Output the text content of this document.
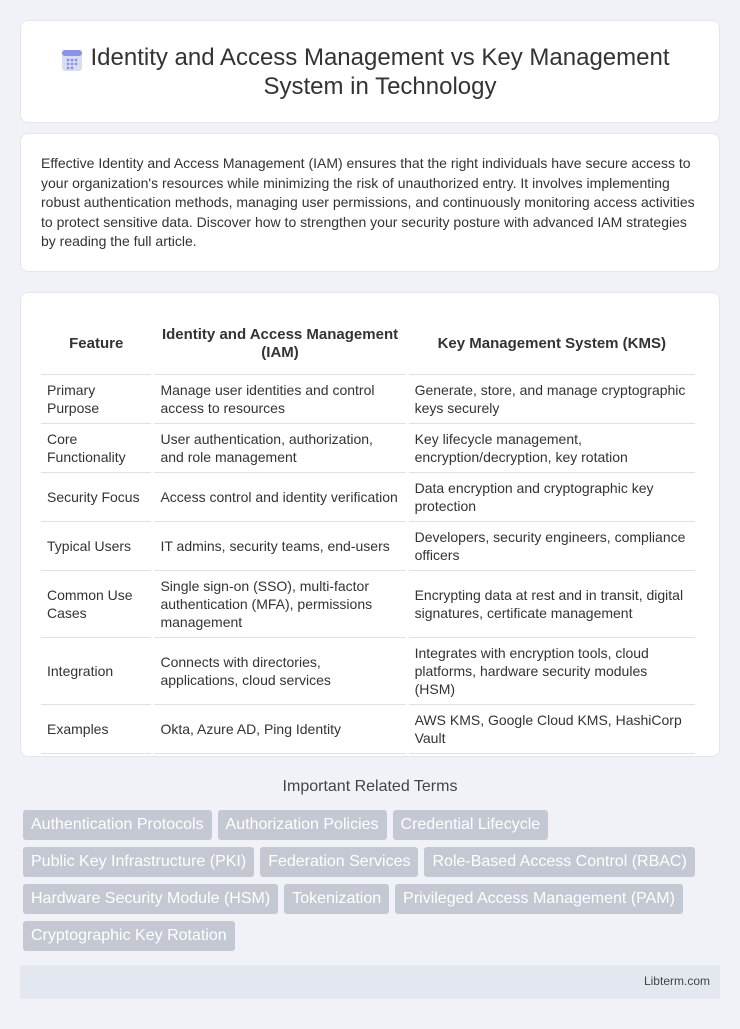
Identity and Access Management vs Key Management System in Technology

Effective Identity and Access Management (IAM) ensures that the right individuals have secure access to your organization's resources while minimizing the risk of unauthorized entry. It involves implementing robust authentication methods, managing user permissions, and continuously monitoring access activities to protect sensitive data. Discover how to strengthen your security posture with advanced IAM strategies by reading the full article.

Feature	Identity and Access Management (IAM)	Key Management System (KMS)
Primary Purpose	Manage user identities and control access to resources	Generate, store, and manage cryptographic keys securely
Core Functionality	User authentication, authorization, and role management	Key lifecycle management, encryption/decryption, key rotation
Security Focus	Access control and identity verification	Data encryption and cryptographic key protection
Typical Users	IT admins, security teams, end-users	Developers, security engineers, compliance officers
Common Use Cases	Single sign-on (SSO), multi-factor authentication (MFA), permissions management	Encrypting data at rest and in transit, digital signatures, certificate management
Integration	Connects with directories, applications, cloud services	Integrates with encryption tools, cloud platforms, hardware security modules (HSM)
Examples	Okta, Azure AD, Ping Identity	AWS KMS, Google Cloud KMS, HashiCorp Vault
Important Related Terms
Authentication Protocols	Authorization Policies	Credential Lifecycle
Public Key Infrastructure (PKI)	Federation Services	Role-Based Access Control (RBAC)
Hardware Security Module (HSM)	Tokenization	Privileged Access Management (PAM)
Cryptographic Key Rotation
Libterm.com
